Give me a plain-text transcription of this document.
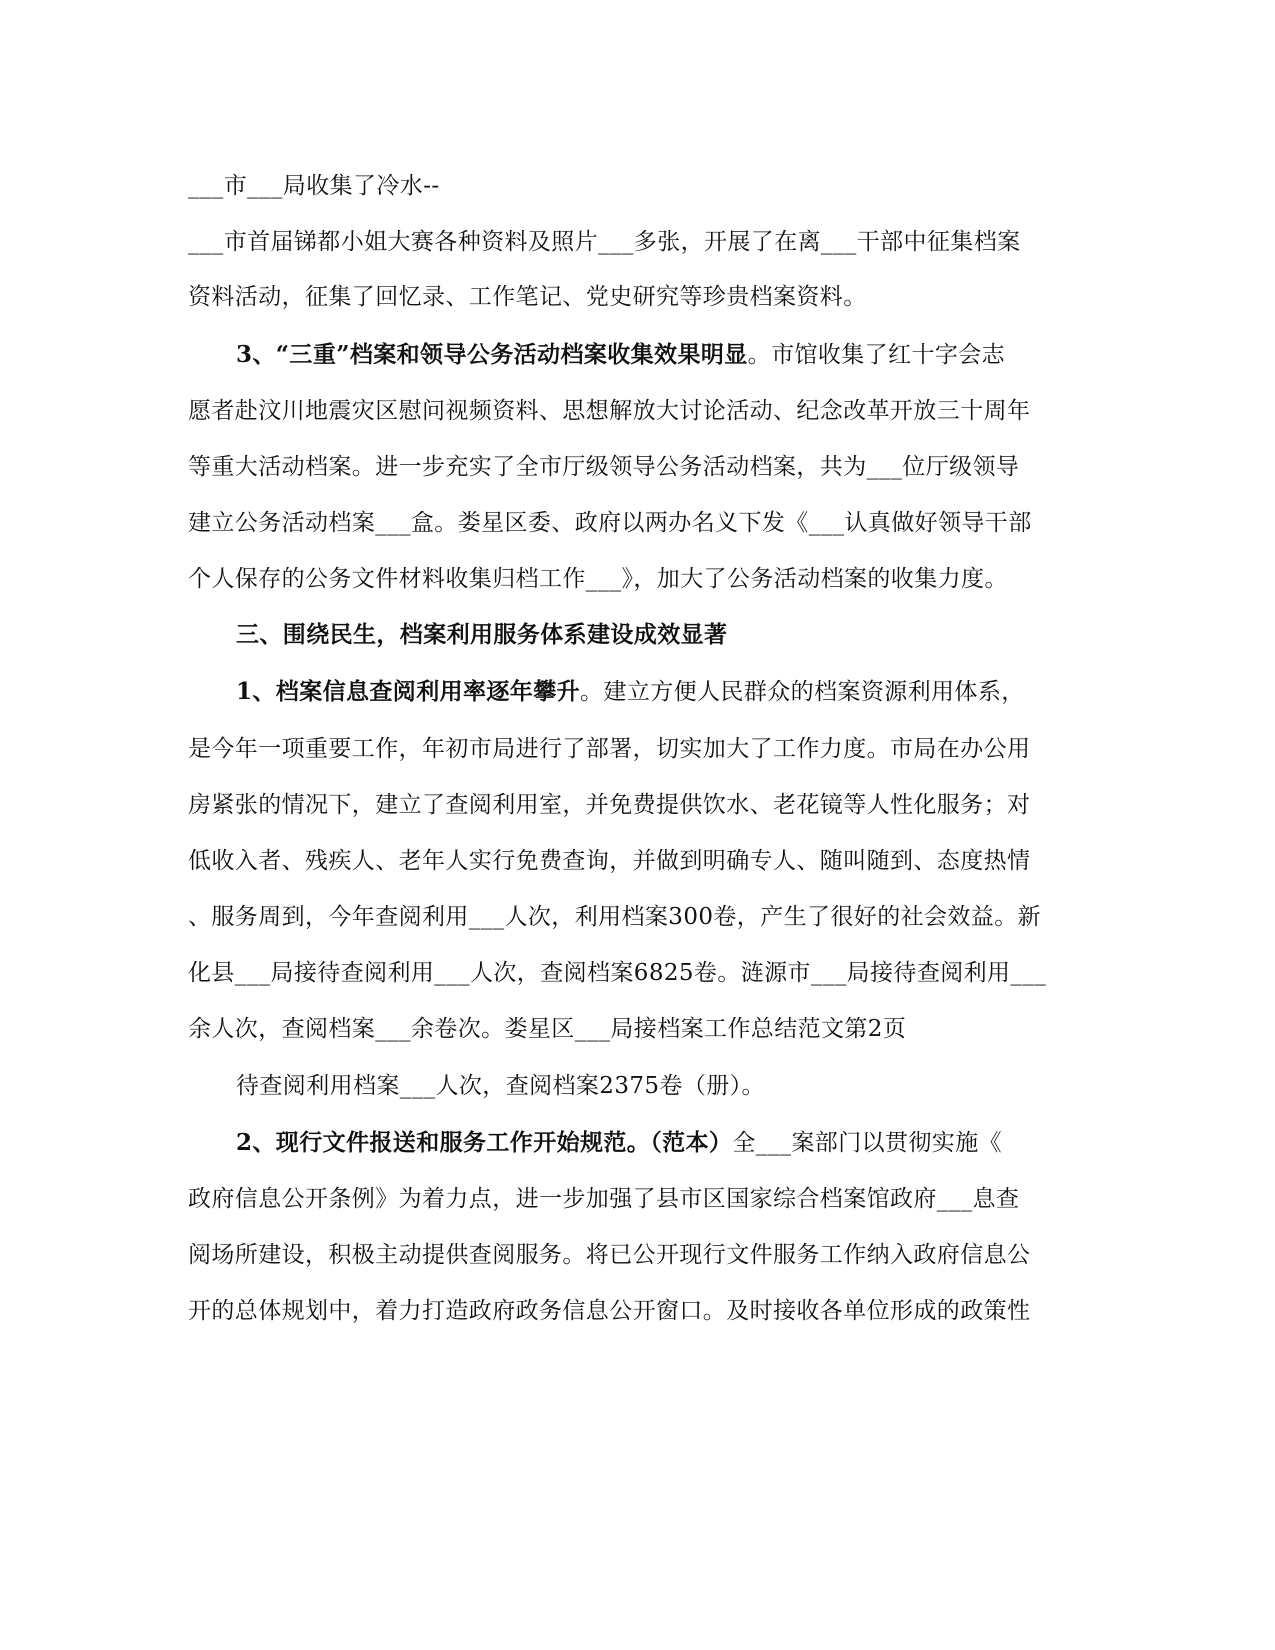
___市___局收集了冷水--
___市首届锑都小姐大赛各种资料及照片___多张，开展了在离___干部中征集档案
资料活动，征集了回忆录、工作笔记、党史研究等珍贵档案资料。
3、“三重”档案和领导公务活动档案收集效果明显。市馆收集了红十字会志
愿者赴汶川地震灾区慰问视频资料、思想解放大讨论活动、纪念改革开放三十周年
等重大活动档案。进一步充实了全市厅级领导公务活动档案，共为___位厅级领导
建立公务活动档案___盒。娄星区委、政府以两办名义下发《___认真做好领导干部
个人保存的公务文件材料收集归档工作___》，加大了公务活动档案的收集力度。
三、围绕民生，档案利用服务体系建设成效显著
1、档案信息查阅利用率逐年攀升。建立方便人民群众的档案资源利用体系，
是今年一项重要工作，年初市局进行了部署，切实加大了工作力度。市局在办公用
房紧张的情况下，建立了查阅利用室，并免费提供饮水、老花镜等人性化服务；对
低收入者、残疾人、老年人实行免费查询，并做到明确专人、随叫随到、态度热情
、服务周到，今年查阅利用___人次，利用档案300卷，产生了很好的社会效益。新
化县___局接待查阅利用___人次，查阅档案6825卷。涟源市___局接待查阅利用___
余人次，查阅档案___余卷次。娄星区___局接档案工作总结范文第2页
待查阅利用档案___人次，查阅档案2375卷（册）。
2、现行文件报送和服务工作开始规范。（范本）全___案部门以贯彻实施《
政府信息公开条例》为着力点，进一步加强了县市区国家综合档案馆政府___息查
阅场所建设，积极主动提供查阅服务。将已公开现行文件服务工作纳入政府信息公
开的总体规划中，着力打造政府政务信息公开窗口。及时接收各单位形成的政策性
